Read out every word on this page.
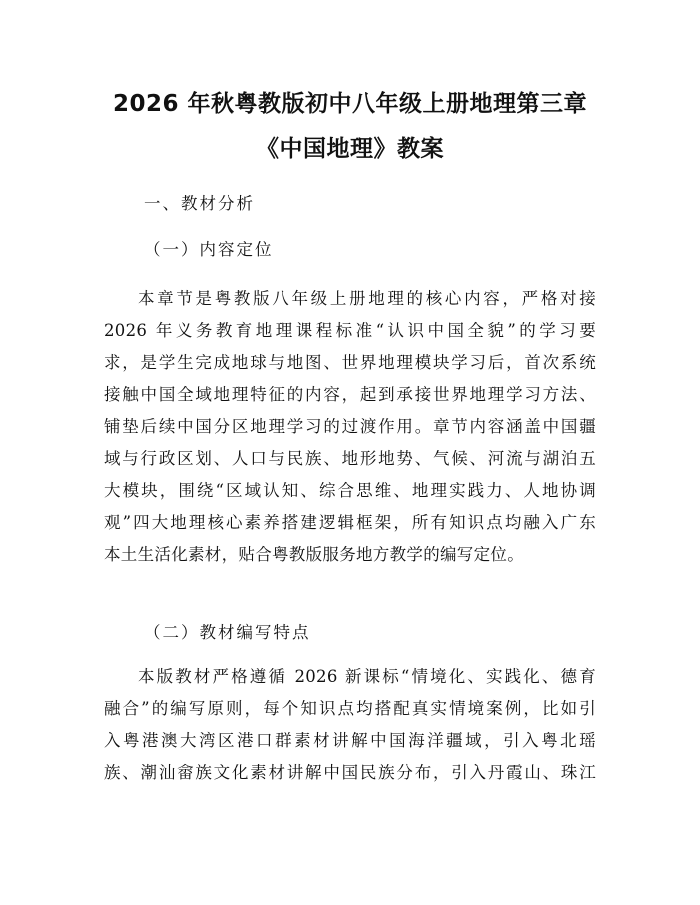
2026 年秋粤教版初中八年级上册地理第三章
《中国地理》教案
一、教材分析
（一）内容定位
本章节是粤教版八年级上册地理的核心内容，严格对接
2026 年义务教育地理课程标准“认识中国全貌”的学习要
求，是学生完成地球与地图、世界地理模块学习后，首次系统
接触中国全域地理特征的内容，起到承接世界地理学习方法、
铺垫后续中国分区地理学习的过渡作用。章节内容涵盖中国疆
域与行政区划、人口与民族、地形地势、气候、河流与湖泊五
大模块，围绕“区域认知、综合思维、地理实践力、人地协调
观”四大地理核心素养搭建逻辑框架，所有知识点均融入广东
本土生活化素材，贴合粤教版服务地方教学的编写定位。
（二）教材编写特点
本版教材严格遵循 2026 新课标“情境化、实践化、德育
融合”的编写原则，每个知识点均搭配真实情境案例，比如引
入粤港澳大湾区港口群素材讲解中国海洋疆域，引入粤北瑶
族、潮汕畲族文化素材讲解中国民族分布，引入丹霞山、珠江
